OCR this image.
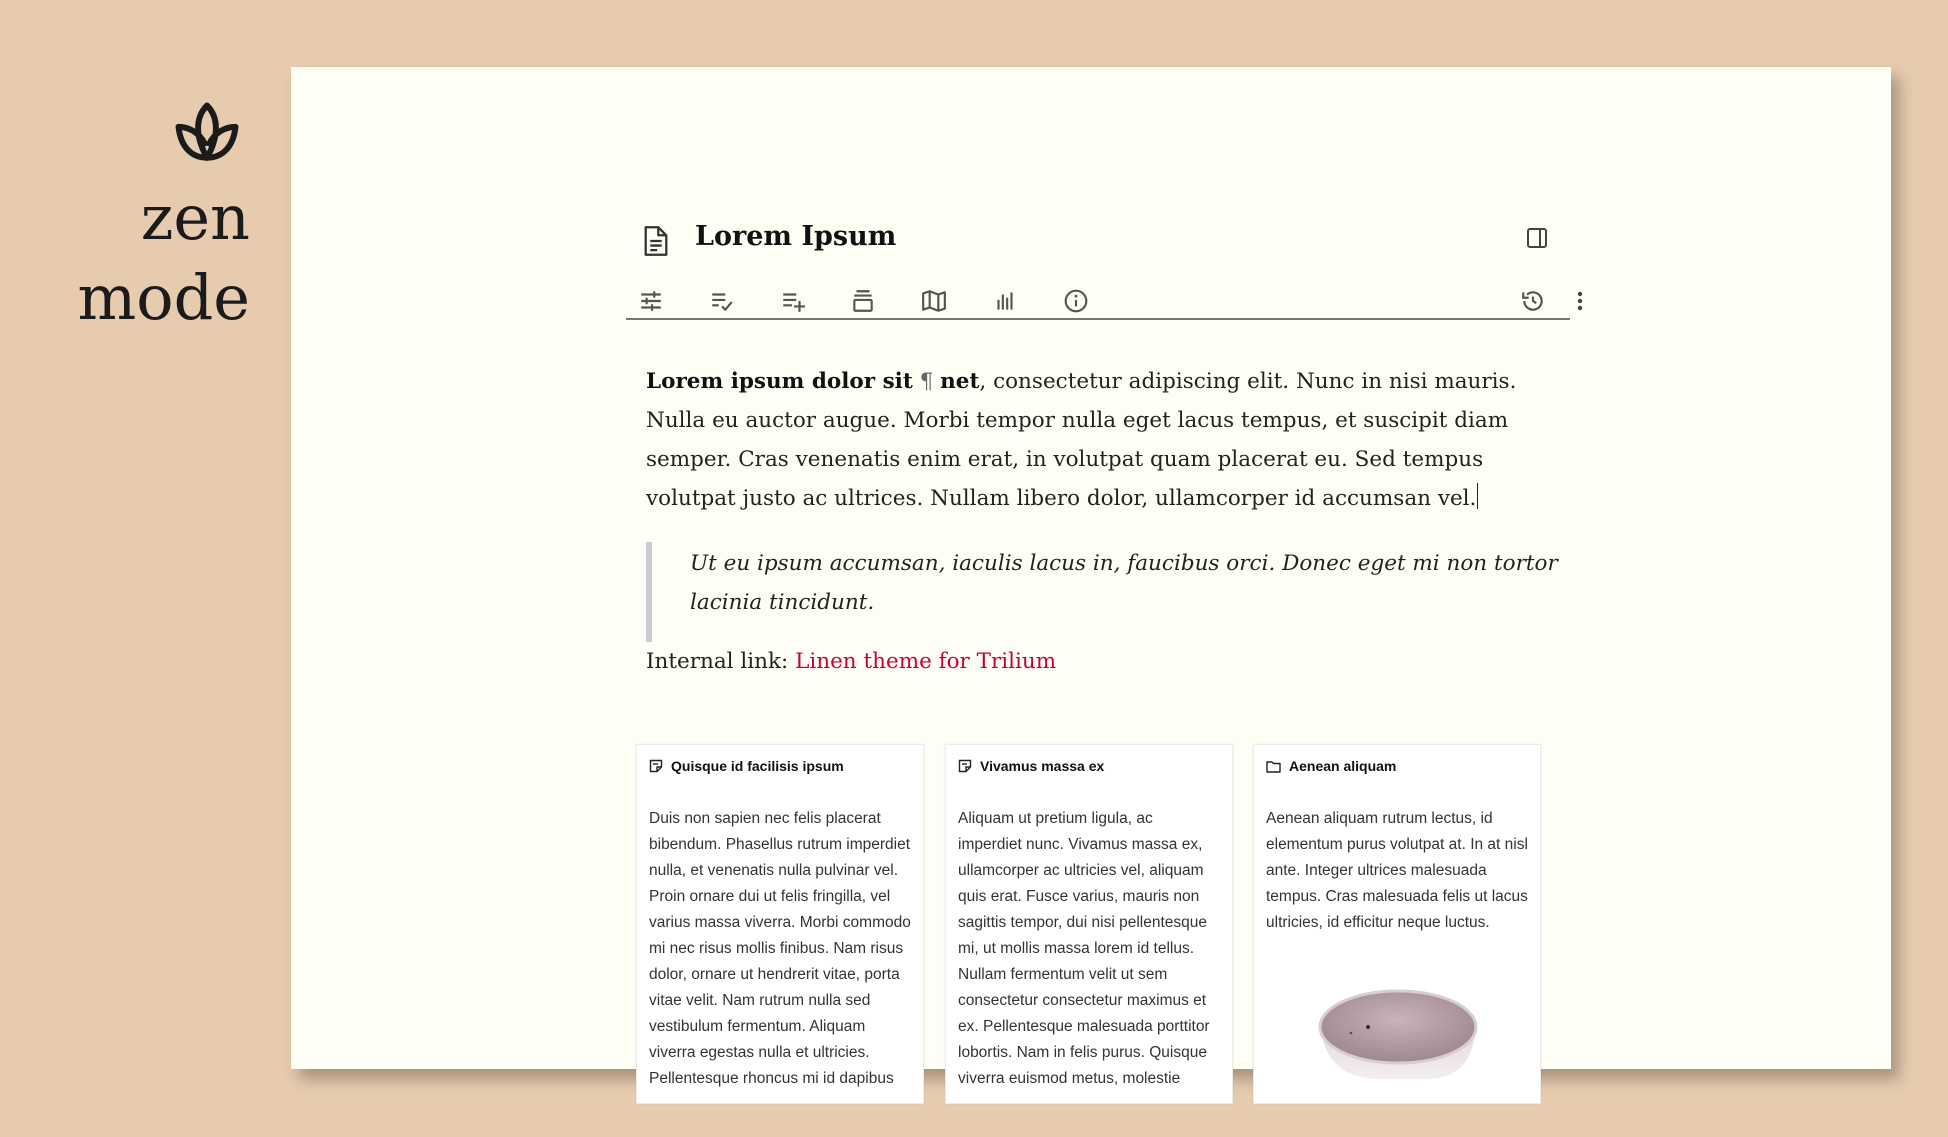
zen
mode
Lorem Ipsum

Lorem ipsum dolor sit ¶ net, consectetur adipiscing elit. Nunc in nisi mauris. Nulla eu auctor augue. Morbi tempor nulla eget lacus tempus, et suscipit diam semper. Cras venenatis enim erat, in volutpat quam placerat eu. Sed tempus volutpat justo ac ultrices. Nullam libero dolor, ullamcorper id accumsan vel.

Ut eu ipsum accumsan, iaculis lacus in, faucibus orci. Donec eget mi non tortor lacinia tincidunt.

Internal link: Linen theme for Trilium

Quisque id facilisis ipsum
Duis non sapien nec felis placerat bibendum. Phasellus rutrum imperdiet nulla, et venenatis nulla pulvinar vel. Proin ornare dui ut felis fringilla, vel varius massa viverra. Morbi commodo mi nec risus mollis finibus. Nam risus dolor, ornare ut hendrerit vitae, porta vitae velit. Nam rutrum nulla sed vestibulum fermentum. Aliquam viverra egestas nulla et ultricies. Pellentesque rhoncus mi id dapibus
Vivamus massa ex
Aliquam ut pretium ligula, ac imperdiet nunc. Vivamus massa ex, ullamcorper ac ultricies vel, aliquam quis erat. Fusce varius, mauris non sagittis tempor, dui nisi pellentesque mi, ut mollis massa lorem id tellus. Nullam fermentum velit ut sem consectetur consectetur maximus et ex. Pellentesque malesuada porttitor lobortis. Nam in felis purus. Quisque viverra euismod metus, molestie
Aenean aliquam
Aenean aliquam rutrum lectus, id elementum purus volutpat at. In at nisl ante. Integer ultrices malesuada tempus. Cras malesuada felis ut lacus ultricies, id efficitur neque luctus.
